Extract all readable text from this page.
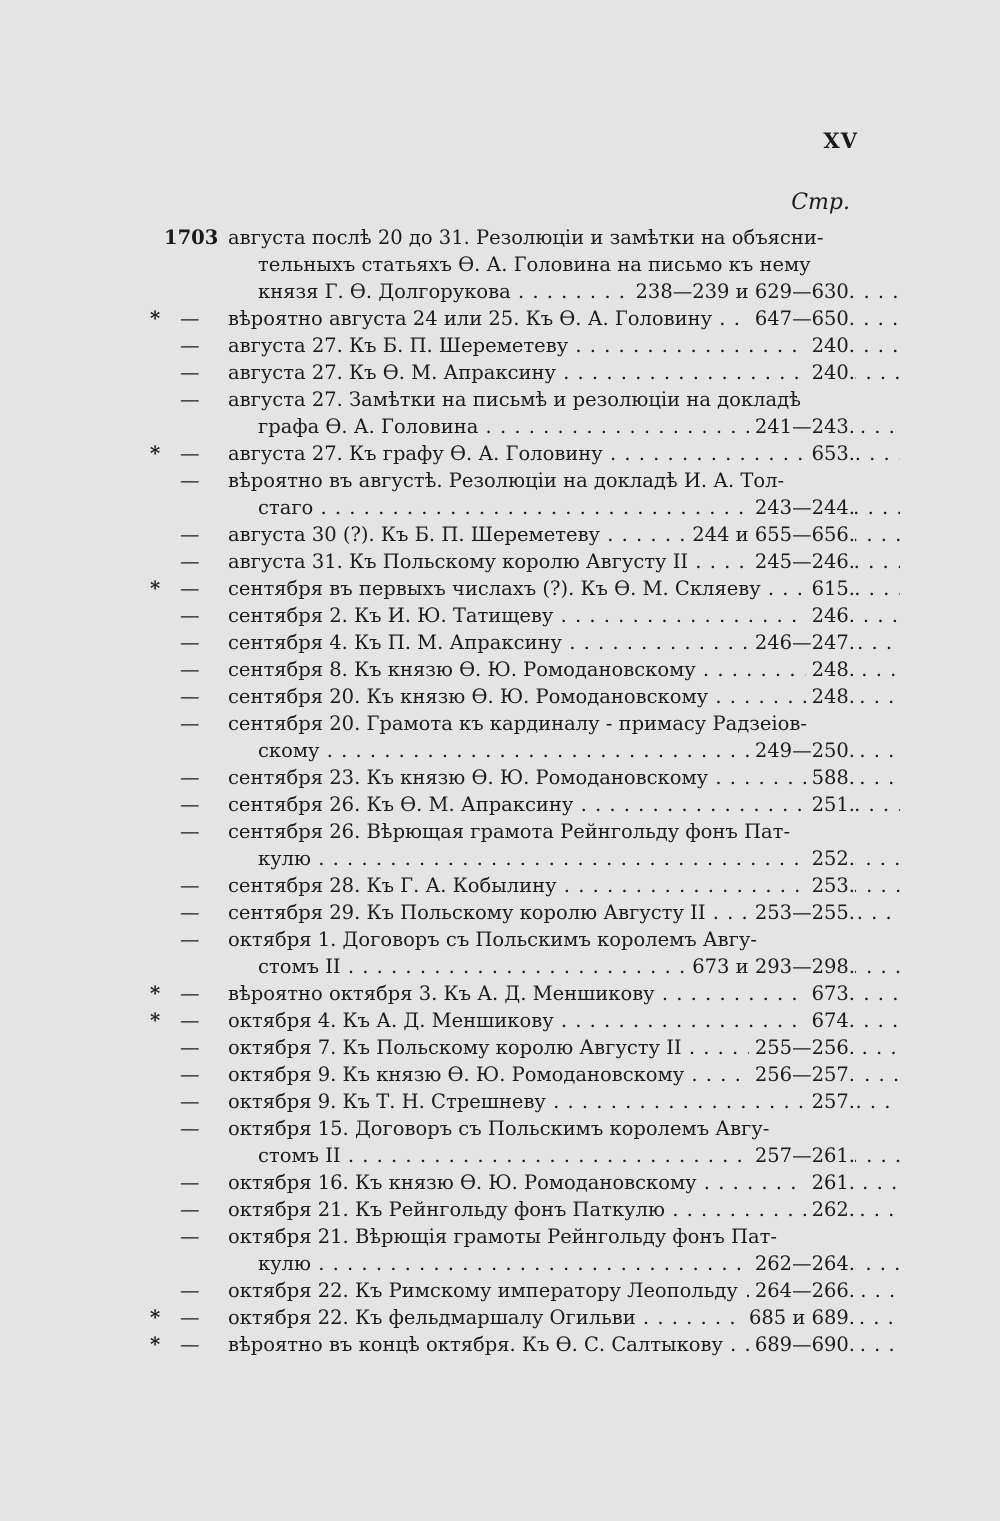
XV
Стр.
1703 августа послѣ 20 до 31. Резолюціи и замѣтки на объясни-
тельныхъ статьяхъ Ѳ. А. Головина на письмо къ нему
князя Г. Ѳ. Долгорукова . . .	238—239 и 629—630.
* — вѣроятно августа 24 или 25. Къ Ѳ. А. Головину . . .	647—650.
— августа 27. Къ Б. П. Шереметеву . . .	240.
— августа 27. Къ Ѳ. М. Апраксину . . .	240.
— августа 27. Замѣтки на письмѣ и резолюціи на докладѣ
графа Ѳ. А. Головина . . .	241—243.
* — августа 27. Къ графу Ѳ. А. Головину . . .	653.
— вѣроятно въ августѣ. Резолюціи на докладѣ И. А. Тол-
стаго . . .	243—244.
— августа 30 (?). Къ Б. П. Шереметеву . . .	244 и 655—656.
— августа 31. Къ Польскому королю Августу II . . .	245—246.
* — сентября въ первыхъ числахъ (?). Къ Ѳ. М. Скляеву . . .	615.
— сентября 2. Къ И. Ю. Татищеву . . .	246.
— сентября 4. Къ П. М. Апраксину . . .	246—247.
— сентября 8. Къ князю Ѳ. Ю. Ромодановскому . . .	248.
— сентября 20. Къ князю Ѳ. Ю. Ромодановскому . . .	248.
— сентября 20. Грамота къ кардиналу - примасу Радзеіов-
скому . . .	249—250.
— сентября 23. Къ князю Ѳ. Ю. Ромодановскому . . .	588.
— сентября 26. Къ Ѳ. М. Апраксину . . .	251.
— сентября 26. Вѣрющая грамота Рейнгольду фонъ Пат-
кулю . . .	252.
— сентября 28. Къ Г. А. Кобылину . . .	253.
— сентября 29. Къ Польскому королю Августу II . . .	253—255.
— октября 1. Договоръ съ Польскимъ королемъ Авгу-
стомъ II . . .	673 и 293—298.
* — вѣроятно октября 3. Къ А. Д. Меншикову . . .	673.
* — октября 4. Къ А. Д. Меншикову . . .	674.
— октября 7. Къ Польскому королю Августу II . . .	255—256.
— октября 9. Къ князю Ѳ. Ю. Ромодановскому . . .	256—257.
— октября 9. Къ Т. Н. Стрешневу . . .	257.
— октября 15. Договоръ съ Польскимъ королемъ Авгу-
стомъ II . . .	257—261.
— октября 16. Къ князю Ѳ. Ю. Ромодановскому . . .	261.
— октября 21. Къ Рейнгольду фонъ Паткулю . . .	262.
— октября 21. Вѣрющія грамоты Рейнгольду фонъ Пат-
кулю . . .	262—264.
— октября 22. Къ Римскому императору Леопольду . . . 264—266.
* — октября 22. Къ фельдмаршалу Огильви . . .	685 и 689.
* — вѣроятно въ концѣ октября. Къ Ѳ. С. Салтыкову . . .	689—690.
